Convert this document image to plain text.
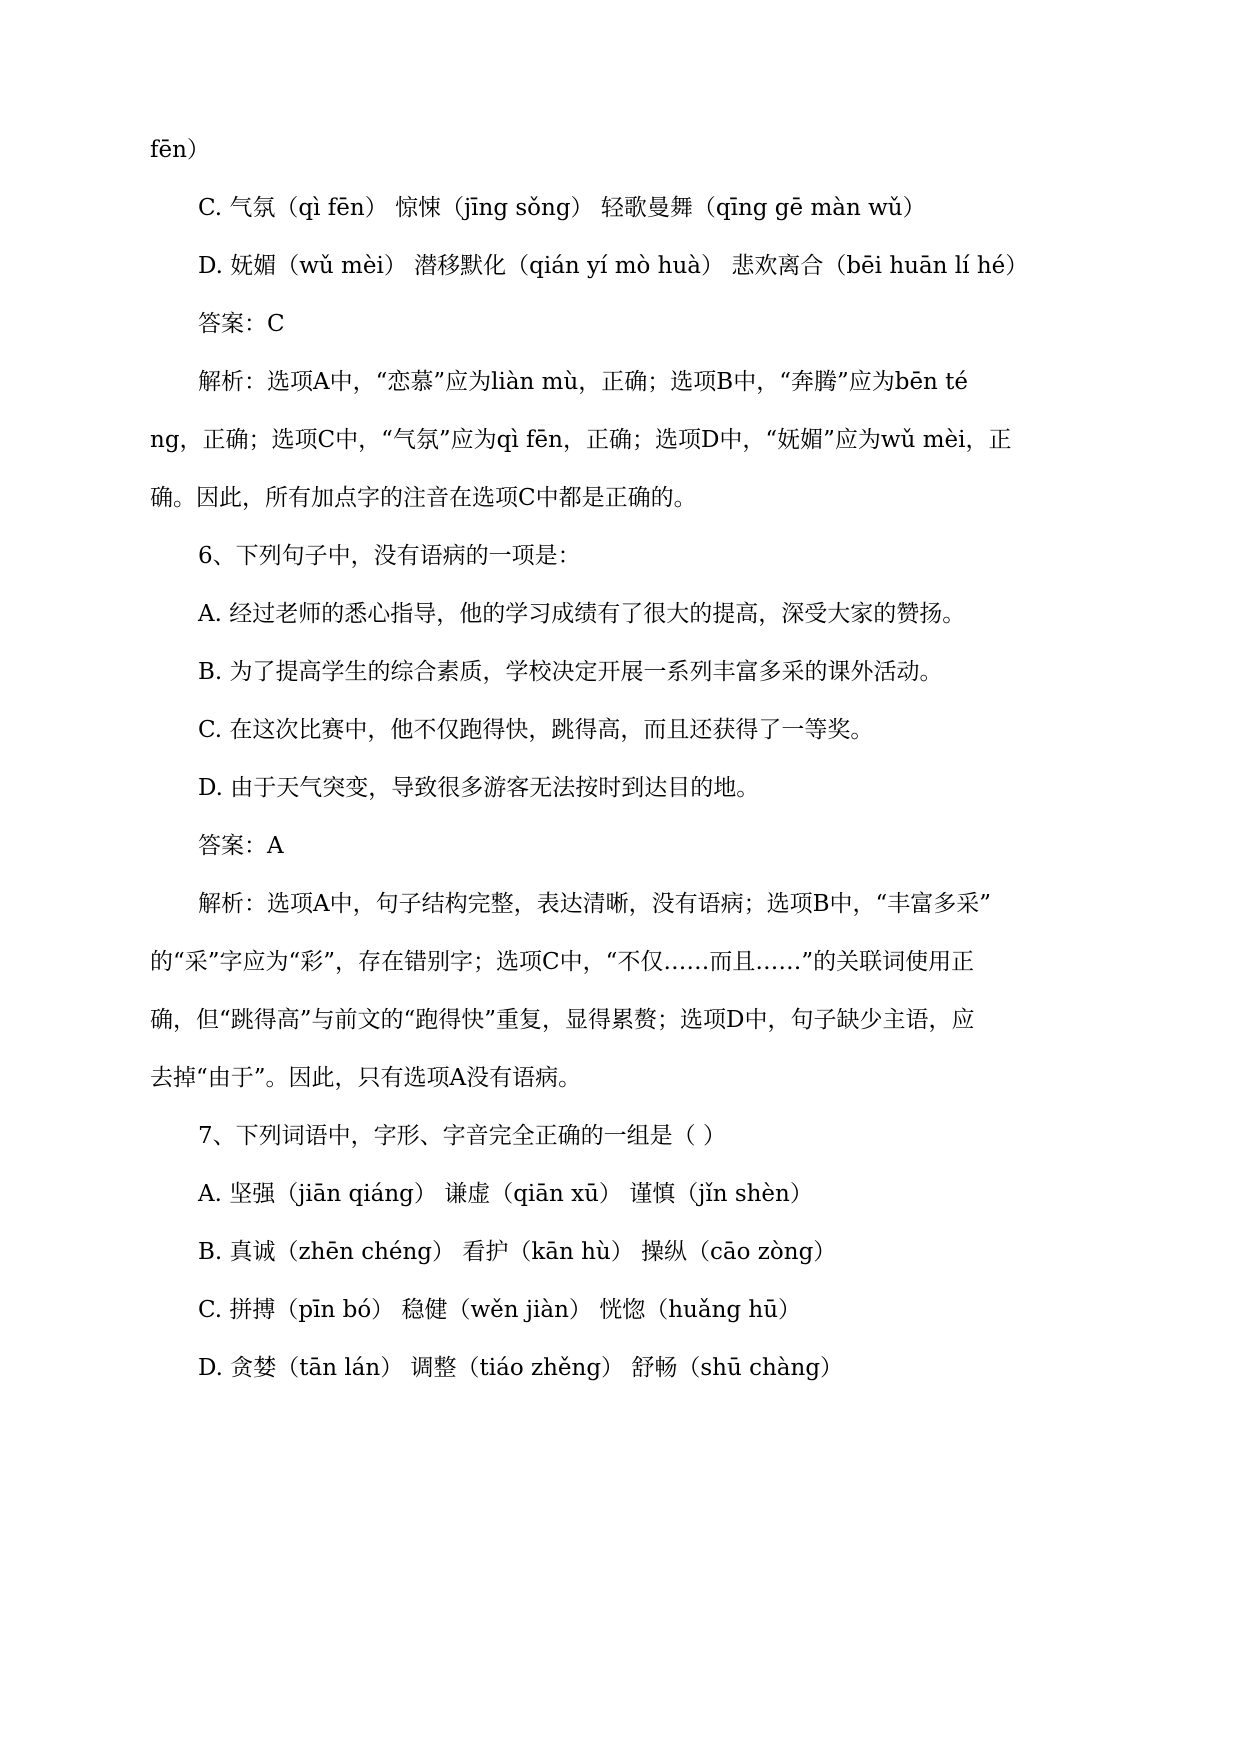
fēn）
C. 气氛（qì fēn） 惊悚（jīng sǒng） 轻歌曼舞（qīng gē màn wǔ）
D. 妩媚（wǔ mèi） 潜移默化（qián yí mò huà） 悲欢离合（bēi huān lí hé）
答案：C
解析：选项A中，“恋慕”应为liàn mù，正确；选项B中，“奔腾”应为bēn té
ng，正确；选项C中，“气氛”应为qì fēn，正确；选项D中，“妩媚”应为wǔ mèi，正
确。因此，所有加点字的注音在选项C中都是正确的。
6、下列句子中，没有语病的一项是：
A. 经过老师的悉心指导，他的学习成绩有了很大的提高，深受大家的赞扬。
B. 为了提高学生的综合素质，学校决定开展一系列丰富多采的课外活动。
C. 在这次比赛中，他不仅跑得快，跳得高，而且还获得了一等奖。
D. 由于天气突变，导致很多游客无法按时到达目的地。
答案：A
解析：选项A中，句子结构完整，表达清晰，没有语病；选项B中，“丰富多采”
的“采”字应为“彩”，存在错别字；选项C中，“不仅……而且……”的关联词使用正
确，但“跳得高”与前文的“跑得快”重复，显得累赘；选项D中，句子缺少主语，应
去掉“由于”。因此，只有选项A没有语病。
7、下列词语中，字形、字音完全正确的一组是（ ）
A. 坚强（jiān qiáng） 谦虚（qiān xū） 谨慎（jǐn shèn）
B. 真诚（zhēn chéng） 看护（kān hù） 操纵（cāo zòng）
C. 拼搏（pīn bó） 稳健（wěn jiàn） 恍惚（huǎng hū）
D. 贪婪（tān lán） 调整（tiáo zhěng） 舒畅（shū chàng）
